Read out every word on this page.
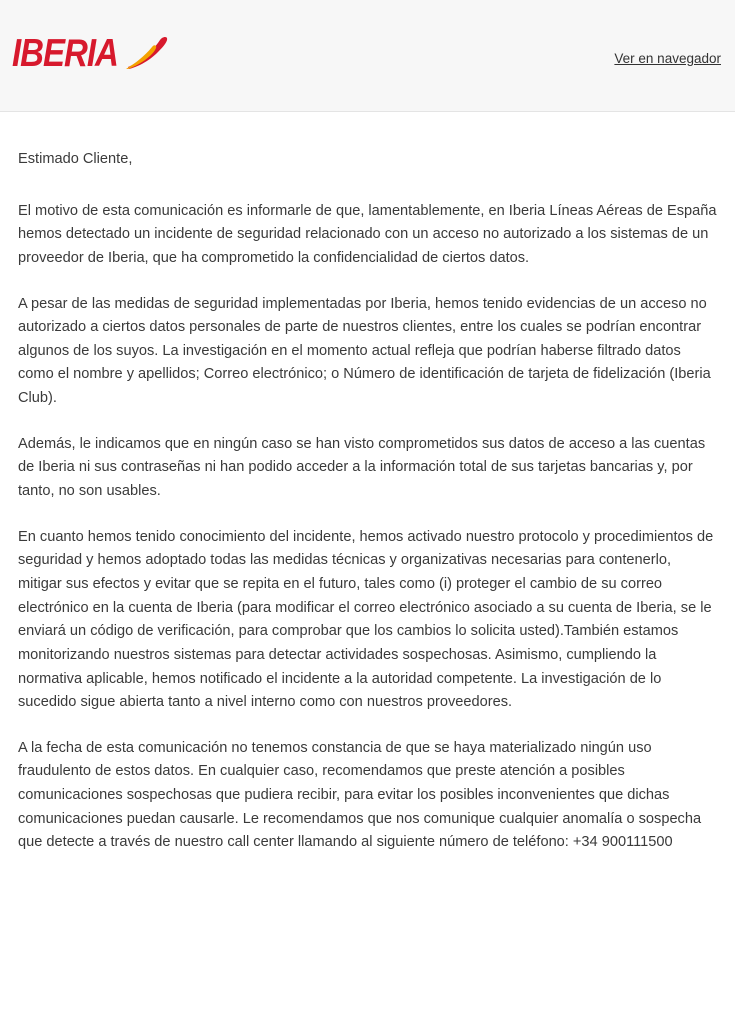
IBERIA	Ver en navegador

Estimado Cliente,

El motivo de esta comunicación es informarle de que, lamentablemente, en Iberia Líneas Aéreas de España hemos detectado un incidente de seguridad relacionado con un acceso no autorizado a los sistemas de un proveedor de Iberia, que ha comprometido la confidencialidad de ciertos datos.

A pesar de las medidas de seguridad implementadas por Iberia, hemos tenido evidencias de un acceso no autorizado a ciertos datos personales de parte de nuestros clientes, entre los cuales se podrían encontrar algunos de los suyos. La investigación en el momento actual refleja que podrían haberse filtrado datos como el nombre y apellidos; Correo electrónico; o Número de identificación de tarjeta de fidelización (Iberia Club).

Además, le indicamos que en ningún caso se han visto comprometidos sus datos de acceso a las cuentas de Iberia ni sus contraseñas ni han podido acceder a la información total de sus tarjetas bancarias y, por tanto, no son usables.

En cuanto hemos tenido conocimiento del incidente, hemos activado nuestro protocolo y procedimientos de seguridad y hemos adoptado todas las medidas técnicas y organizativas necesarias para contenerlo, mitigar sus efectos y evitar que se repita en el futuro, tales como (i) proteger el cambio de su correo electrónico en la cuenta de Iberia (para modificar el correo electrónico asociado a su cuenta de Iberia, se le enviará un código de verificación, para comprobar que los cambios lo solicita usted).También estamos monitorizando nuestros sistemas para detectar actividades sospechosas. Asimismo, cumpliendo la normativa aplicable, hemos notificado el incidente a la autoridad competente. La investigación de lo sucedido sigue abierta tanto a nivel interno como con nuestros proveedores.

A la fecha de esta comunicación no tenemos constancia de que se haya materializado ningún uso fraudulento de estos datos. En cualquier caso, recomendamos que preste atención a posibles comunicaciones sospechosas que pudiera recibir, para evitar los posibles inconvenientes que dichas comunicaciones puedan causarle. Le recomendamos que nos comunique cualquier anomalía o sospecha que detecte a través de nuestro call center llamando al siguiente número de teléfono: +34 900111500
